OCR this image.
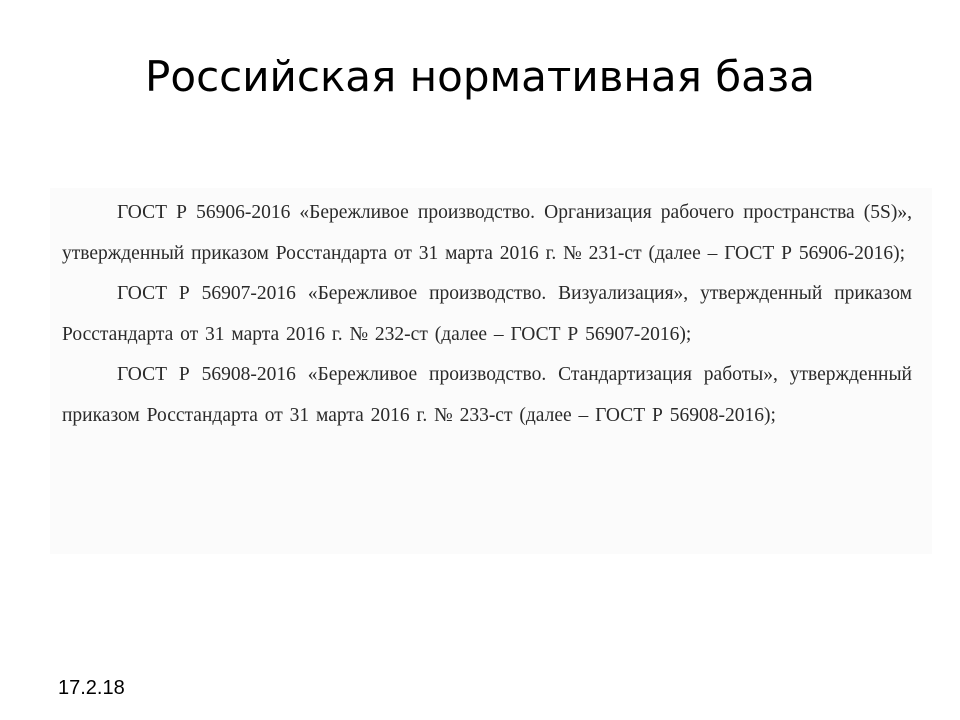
Российская нормативная база

ГОСТ Р 56906-2016 «Бережливое производство. Организация рабочего пространства (5S)», утвержденный приказом Росстандарта от 31 марта 2016 г. № 231-ст (далее – ГОСТ Р 56906-2016);

ГОСТ Р 56907-2016 «Бережливое производство. Визуализация», утвержденный приказом Росстандарта от 31 марта 2016 г. № 232-ст (далее – ГОСТ Р 56907-2016);

ГОСТ Р 56908-2016 «Бережливое производство. Стандартизация работы», утвержденный приказом Росстандарта от 31 марта 2016 г. № 233-ст (далее – ГОСТ Р 56908-2016);

17.2.18
